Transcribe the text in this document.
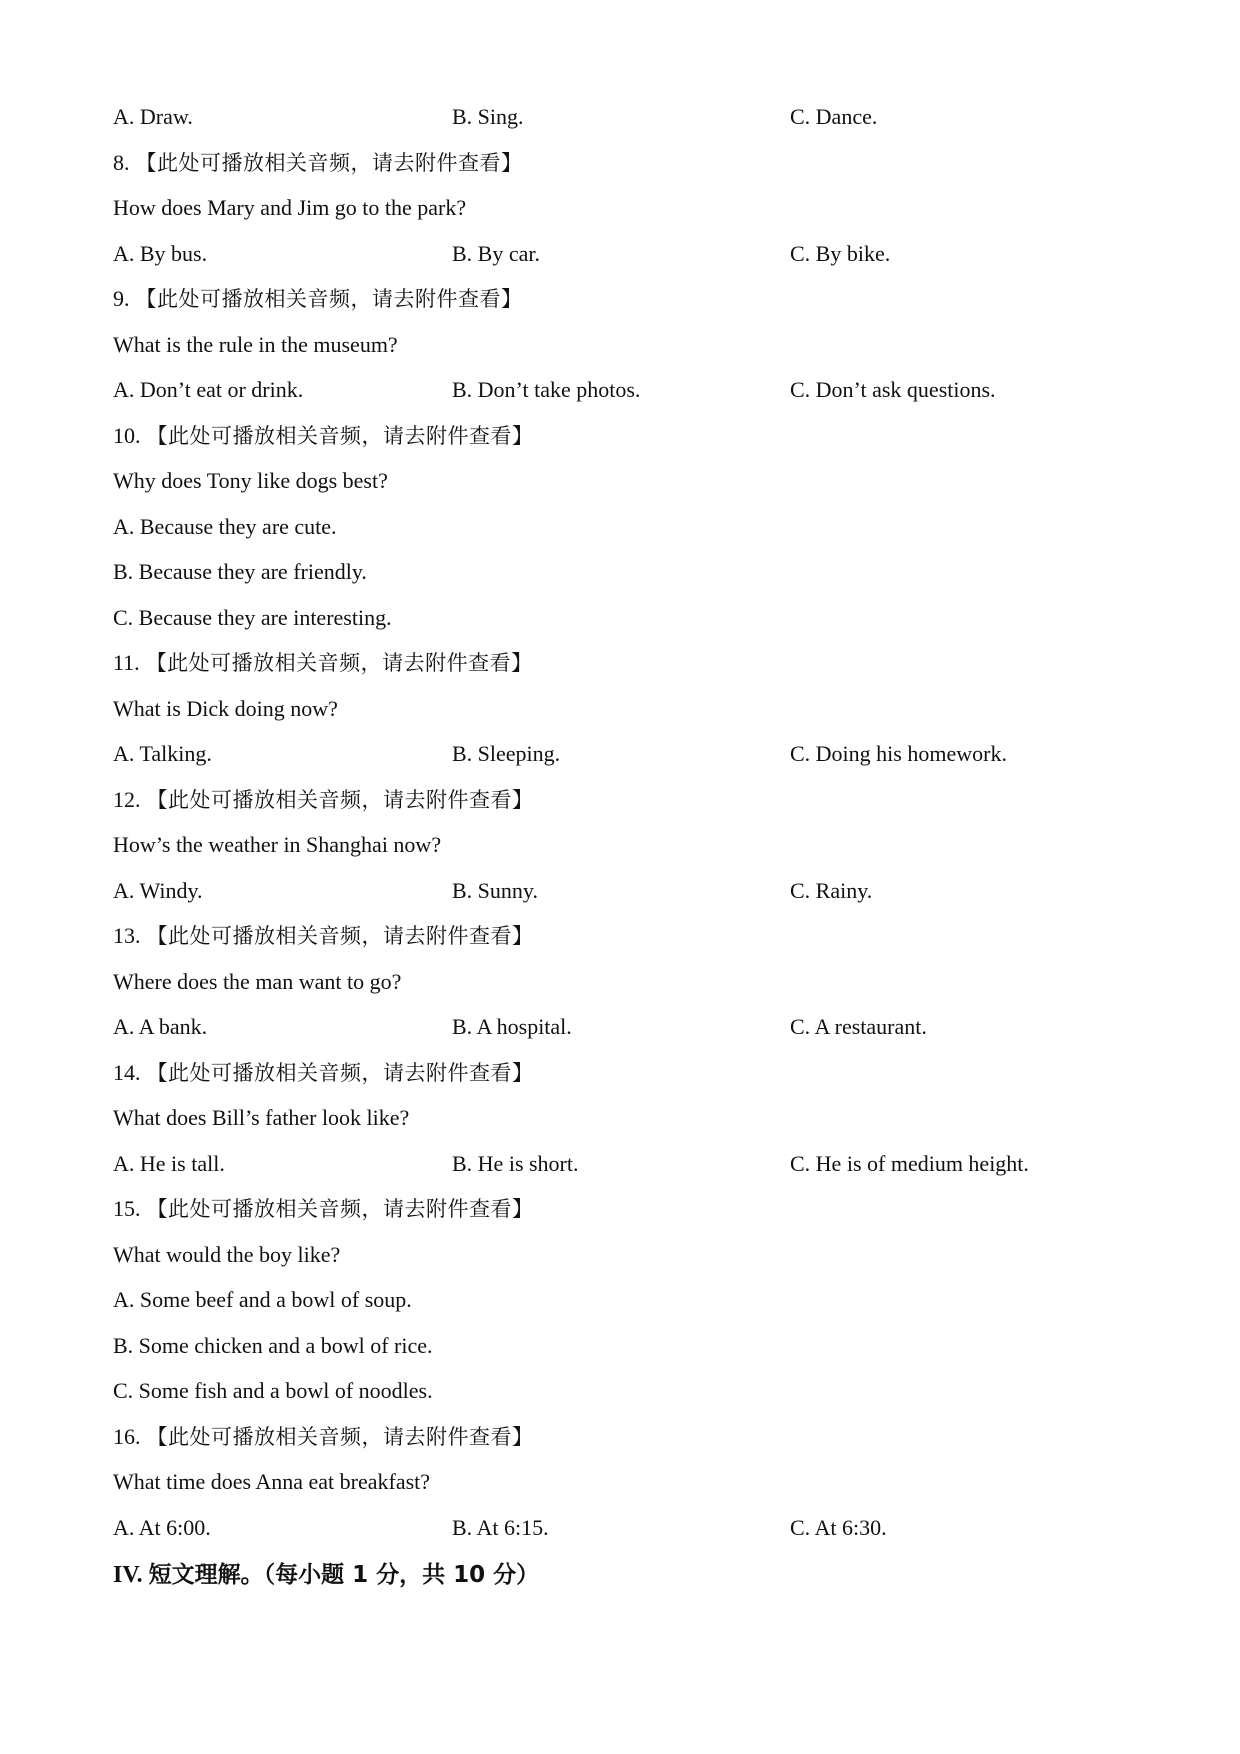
A. Draw.	B. Sing.	C. Dance.
8. 【此处可播放相关音频，请去附件查看】
How does Mary and Jim go to the park?
A. By bus.	B. By car.	C. By bike.
9. 【此处可播放相关音频，请去附件查看】
What is the rule in the museum?
A. Don’t eat or drink.	B. Don’t take photos.	C. Don’t ask questions.
10. 【此处可播放相关音频，请去附件查看】
Why does Tony like dogs best?
A. Because they are cute.
B. Because they are friendly.
C. Because they are interesting.
11. 【此处可播放相关音频，请去附件查看】
What is Dick doing now?
A. Talking.	B. Sleeping.	C. Doing his homework.
12. 【此处可播放相关音频，请去附件查看】
How’s the weather in Shanghai now?
A. Windy.	B. Sunny.	C. Rainy.
13. 【此处可播放相关音频，请去附件查看】
Where does the man want to go?
A. A bank.	B. A hospital.	C. A restaurant.
14. 【此处可播放相关音频，请去附件查看】
What does Bill’s father look like?
A. He is tall.	B. He is short.	C. He is of medium height.
15. 【此处可播放相关音频，请去附件查看】
What would the boy like?
A. Some beef and a bowl of soup.
B. Some chicken and a bowl of rice.
C. Some fish and a bowl of noodles.
16. 【此处可播放相关音频，请去附件查看】
What time does Anna eat breakfast?
A. At 6:00.	B. At 6:15.	C. At 6:30.
IV. 短文理解。（每小题 1 分，共 10 分）
